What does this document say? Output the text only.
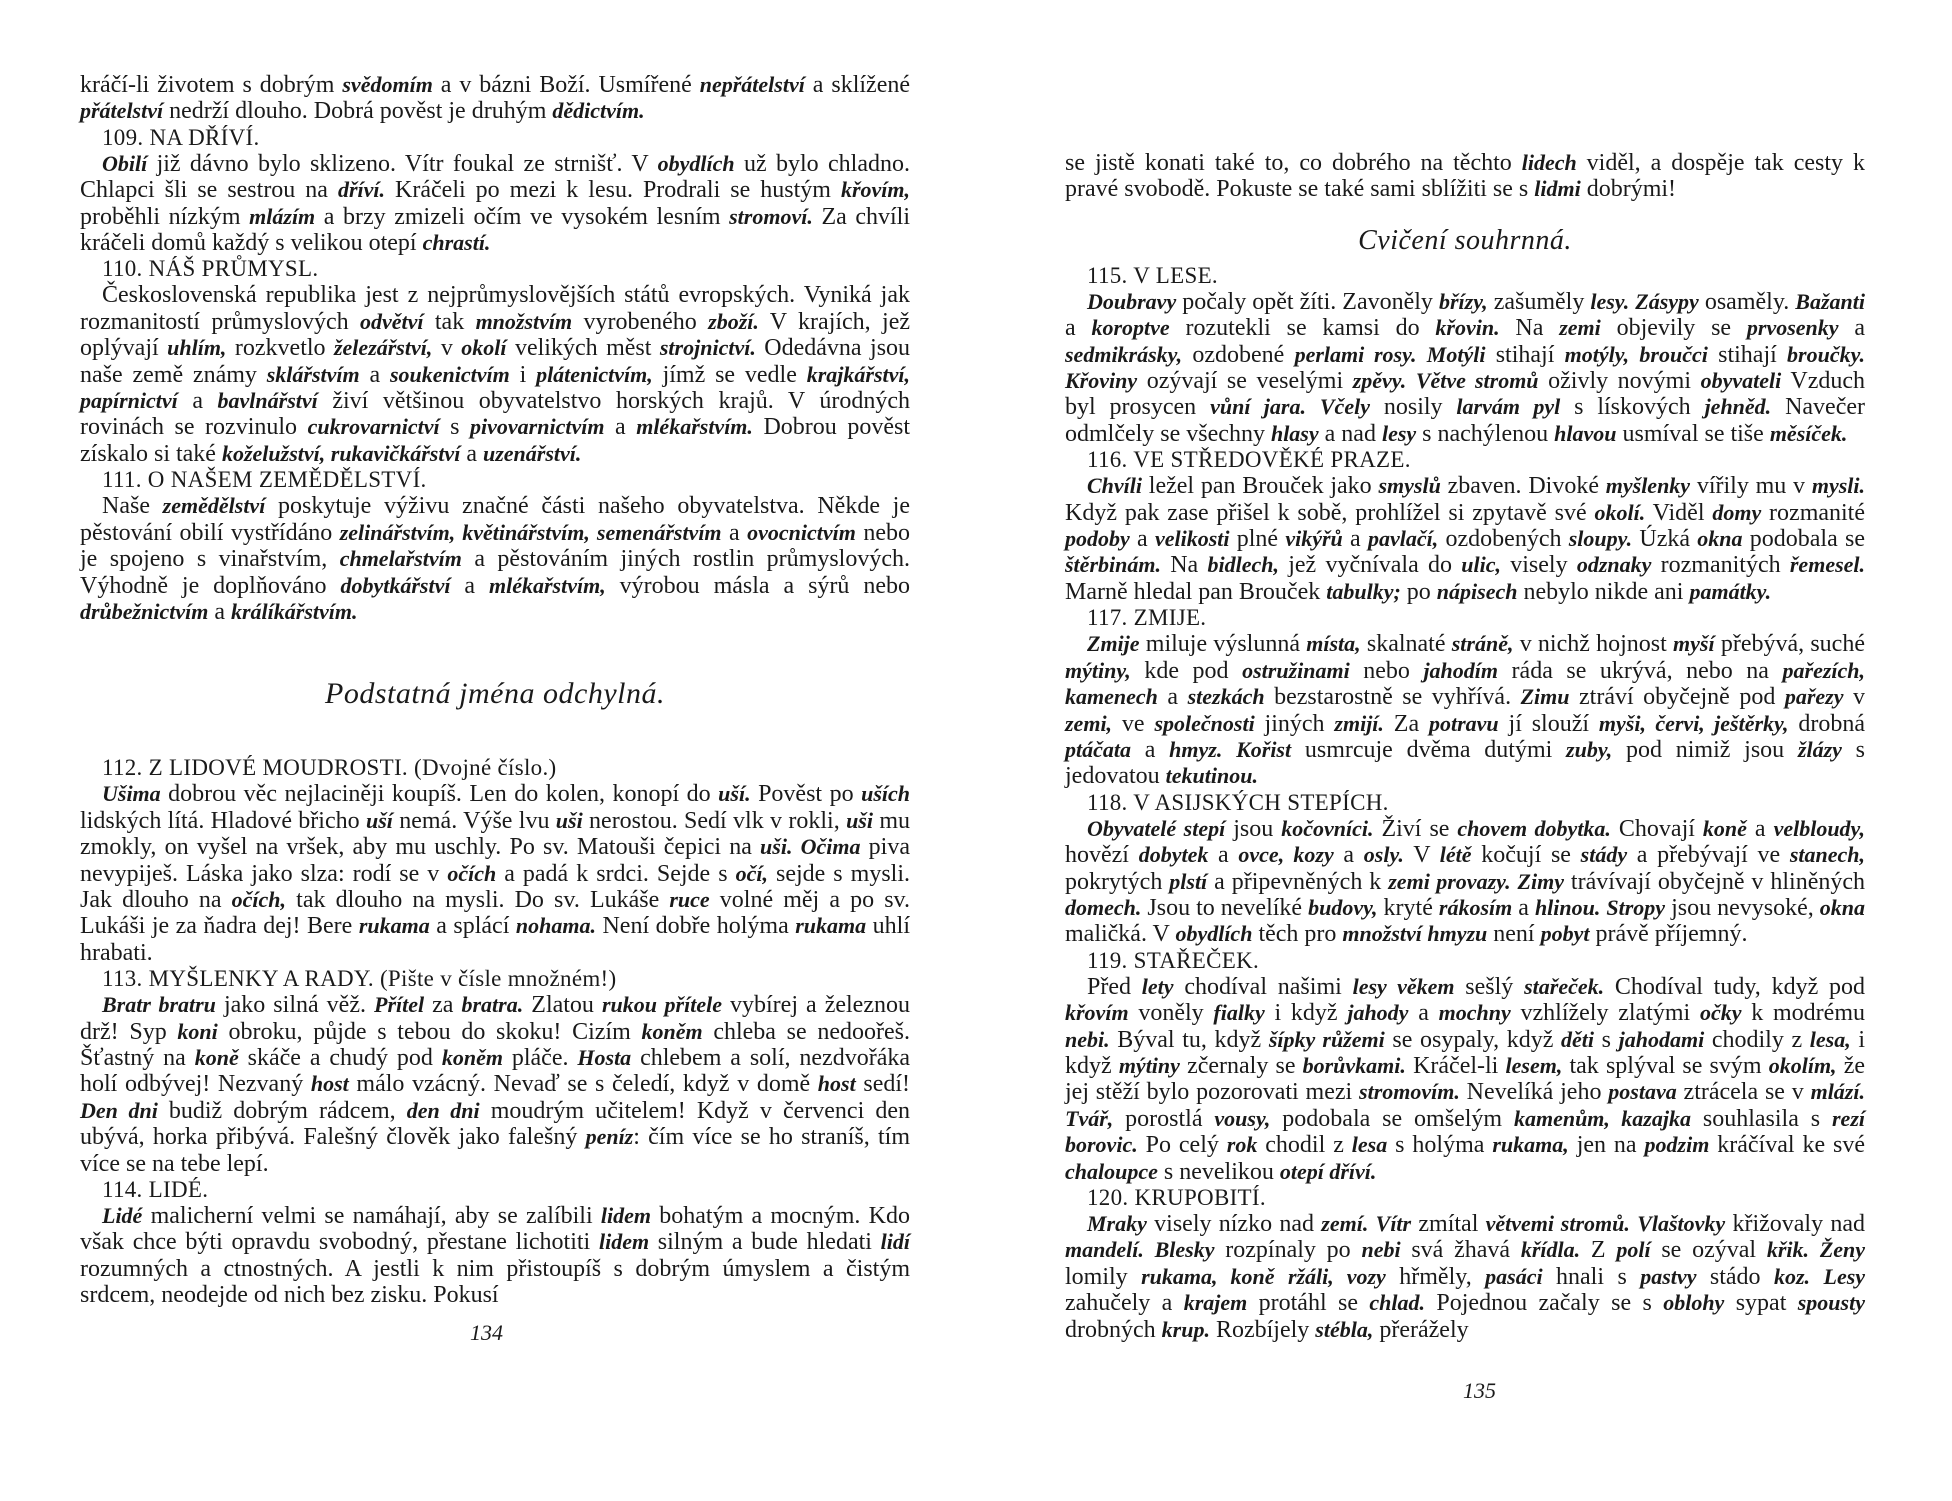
kráčí-li životem s dobrým svědomím a v bázni Boží. Usmířené nepřátelství a sklížené přátelství nedrží dlouho. Dobrá pověst je druhým dědictvím.

109. NA DŘÍVÍ.

Obilí již dávno bylo sklizeno. Vítr foukal ze strnišť. V obydlích už bylo chladno. Chlapci šli se sestrou na dříví. Kráčeli po mezi k lesu. Prodrali se hustým křovím, proběhli nízkým mlázím a brzy zmizeli očím ve vysokém lesním stromoví. Za chvíli kráčeli domů každý s velikou otepí chrastí.

110. NÁŠ PRŮMYSL.

Československá republika jest z nejprůmyslovějších států evropských. Vyniká jak rozmanitostí průmyslových odvětví tak množstvím vyrobeného zboží. V krajích, jež oplývají uhlím, rozkvetlo železářství, v okolí velikých měst strojnictví. Odedávna jsou naše země známy sklářstvím a soukenictvím i plátenictvím, jímž se vedle krajkářství, papírnictví a bavlnářství živí většinou obyvatelstvo horských krajů. V úrodných rovinách se rozvinulo cukrovarnictví s pivovarnictvím a mlékařstvím. Dobrou pověst získalo si také koželužství, rukavičkářství a uzenářství.

111. O NAŠEM ZEMĚDĚLSTVÍ.

Naše zemědělství poskytuje výživu značné části našeho obyvatelstva. Někde je pěstování obilí vystřídáno zelinářstvím, květinářstvím, semenářstvím a ovocnictvím nebo je spojeno s vinařstvím, chmelařstvím a pěstováním jiných rostlin průmyslových. Výhodně je doplňováno dobytkářství a mlékařstvím, výrobou másla a sýrů nebo drůbežnictvím a králíkářstvím.

Podstatná jména odchylná.
112. Z LIDOVÉ MOUDROSTI. (Dvojné číslo.)

Ušima dobrou věc nejlaciněji koupíš. Len do kolen, konopí do uší. Pověst po uších lidských lítá. Hladové břicho uší nemá. Výše lvu uši nerostou. Sedí vlk v rokli, uši mu zmokly, on vyšel na vršek, aby mu uschly. Po sv. Matouši čepici na uši. Očima piva nevypiješ. Láska jako slza: rodí se v očích a padá k srdci. Sejde s očí, sejde s mysli. Jak dlouho na očích, tak dlouho na mysli. Do sv. Lukáše ruce volné měj a po sv. Lukáši je za ňadra dej! Bere rukama a splácí nohama. Není dobře holýma rukama uhlí hrabati.

113. MYŠLENKY A RADY. (Pište v čísle množném!)

Bratr bratru jako silná věž. Přítel za bratra. Zlatou rukou přítele vybírej a železnou drž! Syp koni obroku, půjde s tebou do skoku! Cizím koněm chleba se nedoořeš. Šťastný na koně skáče a chudý pod koněm pláče. Hosta chlebem a solí, nezdvořáka holí odbývej! Nezvaný host málo vzácný. Nevaď se s čeledí, když v domě host sedí! Den dni budiž dobrým rádcem, den dni moudrým učitelem! Když v červenci den ubývá, horka přibývá. Falešný člověk jako falešný peníz: čím více se ho straníš, tím více se na tebe lepí.

114. LIDÉ.

Lidé malicherní velmi se namáhají, aby se zalíbili lidem bohatým a mocným. Kdo však chce býti opravdu svobodný, přestane lichotiti lidem silným a bude hledati lidí rozumných a ctnostných. A jestli k nim přistoupíš s dobrým úmyslem a čistým srdcem, neodejde od nich bez zisku. Pokusí

134

se jistě konati také to, co dobrého na těchto lidech viděl, a dospěje tak cesty k pravé svobodě. Pokuste se také sami sblížiti se s lidmi dobrými!

Cvičení souhrnná.
115. V LESE.

Doubravy počaly opět žíti. Zavoněly břízy, zašuměly lesy. Zásypy osaměly. Bažanti a koroptve rozutekli se kamsi do křovin. Na zemi objevily se prvosenky a sedmikrásky, ozdobené perlami rosy. Motýli stihají motýly, broučci stihají broučky. Křoviny ozývají se veselými zpěvy. Větve stromů oživly novými obyvateli Vzduch byl prosycen vůní jara. Včely nosily larvám pyl s lískových jehněd. Navečer odmlčely se všechny hlasy a nad lesy s nachýlenou hlavou usmíval se tiše měsíček.

116. VE STŘEDOVĚKÉ PRAZE.

Chvíli ležel pan Brouček jako smyslů zbaven. Divoké myšlenky vířily mu v mysli. Když pak zase přišel k sobě, prohlížel si zpytavě své okolí. Viděl domy rozmanité podoby a velikosti plné vikýřů a pavlačí, ozdobených sloupy. Úzká okna podobala se štěrbinám. Na bidlech, jež vyčnívala do ulic, visely odznaky rozmanitých řemesel. Marně hledal pan Brouček tabulky; po nápisech nebylo nikde ani památky.

117. ZMIJE.

Zmije miluje výslunná místa, skalnaté stráně, v nichž hojnost myší přebývá, suché mýtiny, kde pod ostružinami nebo jahodím ráda se ukrývá, nebo na pařezích, kamenech a stezkách bezstarostně se vyhřívá. Zimu ztráví obyčejně pod pařezy v zemi, ve společnosti jiných zmijí. Za potravu jí slouží myši, červi, ještěrky, drobná ptáčata a hmyz. Kořist usmrcuje dvěma dutými zuby, pod nimiž jsou žlázy s jedovatou tekutinou.

118. V ASIJSKÝCH STEPÍCH.

Obyvatelé stepí jsou kočovníci. Živí se chovem dobytka. Chovají koně a velbloudy, hovězí dobytek a ovce, kozy a osly. V létě kočují se stády a přebývají ve stanech, pokrytých plstí a připevněných k zemi provazy. Zimy trávívají obyčejně v hliněných domech. Jsou to nevelíké budovy, kryté rákosím a hlinou. Stropy jsou nevysoké, okna maličká. V obydlích těch pro množství hmyzu není pobyt právě příjemný.

119. STAŘEČEK.

Před lety chodíval našimi lesy věkem sešlý stařeček. Chodíval tudy, když pod křovím voněly fialky i když jahody a mochny vzhlížely zlatými očky k modrému nebi. Býval tu, když šípky růžemi se osypaly, když děti s jahodami chodily z lesa, i když mýtiny zčernaly se borůvkami. Kráčel-li lesem, tak splýval se svým okolím, že jej stěží bylo pozorovati mezi stromovím. Nevelíká jeho postava ztrácela se v mlází. Tvář, porostlá vousy, podobala se omšelým kamenům, kazajka souhlasila s rezí borovic. Po celý rok chodil z lesa s holýma rukama, jen na podzim kráčíval ke své chaloupce s nevelikou otepí dříví.

120. KRUPOBITÍ.

Mraky visely nízko nad zemí. Vítr zmítal větvemi stromů. Vlaštovky křižovaly nad mandelí. Blesky rozpínaly po nebi svá žhavá křídla. Z polí se ozýval křik. Ženy lomily rukama, koně ržáli, vozy hřměly, pasáci hnali s pastvy stádo koz. Lesy zahučely a krajem protáhl se chlad. Pojednou začaly se s oblohy sypat spousty drobných krup. Rozbíjely stébla, přerážely

135
